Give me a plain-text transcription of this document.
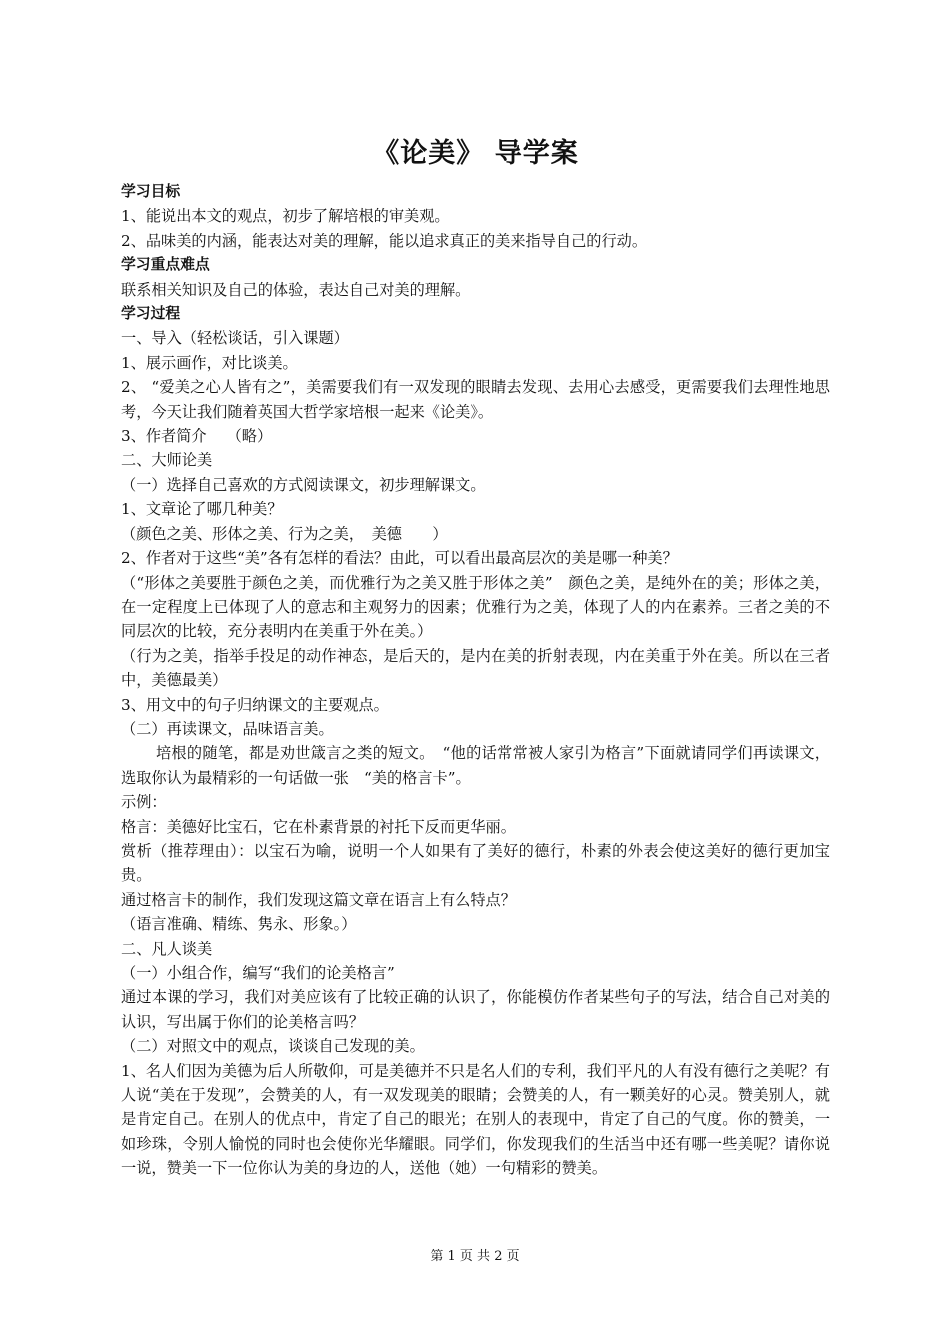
《论美》 导学案

学习目标

1、能说出本文的观点，初步了解培根的审美观。

2、品味美的内涵，能表达对美的理解，能以追求真正的美来指导自己的行动。

学习重点难点

联系相关知识及自己的体验，表达自己对美的理解。

学习过程

一、导入（轻松谈话，引入课题）

1、展示画作，对比谈美。

2、 “爱美之心人皆有之”，美需要我们有一双发现的眼睛去发现、去用心去感受，更需要我们去理性地思考，今天让我们随着英国大哲学家培根一起来《论美》。

3、作者简介　 （略）

二、大师论美

（一）选择自己喜欢的方式阅读课文，初步理解课文。

1、文章论了哪几种美？

（颜色之美、形体之美、行为之美，　美德　　）

2、作者对于这些“美”各有怎样的看法？由此，可以看出最高层次的美是哪一种美？

（“形体之美要胜于颜色之美，而优雅行为之美又胜于形体之美”　颜色之美，是纯外在的美；形体之美，在一定程度上已体现了人的意志和主观努力的因素；优雅行为之美，体现了人的内在素养。三者之美的不同层次的比较，充分表明内在美重于外在美。）

（行为之美，指举手投足的动作神态，是后天的，是内在美的折射表现，内在美重于外在美。所以在三者中，美德最美）

3、用文中的句子归纳课文的主要观点。

（二）再读课文，品味语言美。

培根的随笔，都是劝世箴言之类的短文。　“他的话常常被人家引为格言”下面就请同学们再读课文，选取你认为最精彩的一句话做一张　“美的格言卡”。

示例：

格言：美德好比宝石，它在朴素背景的衬托下反而更华丽。

赏析（推荐理由）：以宝石为喻，说明一个人如果有了美好的德行，朴素的外表会使这美好的德行更加宝贵。

通过格言卡的制作，我们发现这篇文章在语言上有么特点？

（语言准确、精练、隽永、形象。）

二、凡人谈美

（一）小组合作，编写“我们的论美格言”

通过本课的学习，我们对美应该有了比较正确的认识了，你能模仿作者某些句子的写法，结合自己对美的认识，写出属于你们的论美格言吗？

（二）对照文中的观点，谈谈自己发现的美。

1、名人们因为美德为后人所敬仰，可是美德并不只是名人们的专利，我们平凡的人有没有德行之美呢？有人说“美在于发现”，会赞美的人，有一双发现美的眼睛；会赞美的人，有一颗美好的心灵。赞美别人，就是肯定自己。在别人的优点中，肯定了自己的眼光；在别人的表现中，肯定了自己的气度。你的赞美，一如珍珠，令别人愉悦的同时也会使你光华耀眼。同学们，你发现我们的生活当中还有哪一些美呢？请你说一说，赞美一下一位你认为美的身边的人，送他（她）一句精彩的赞美。

第 1 页 共 2 页
